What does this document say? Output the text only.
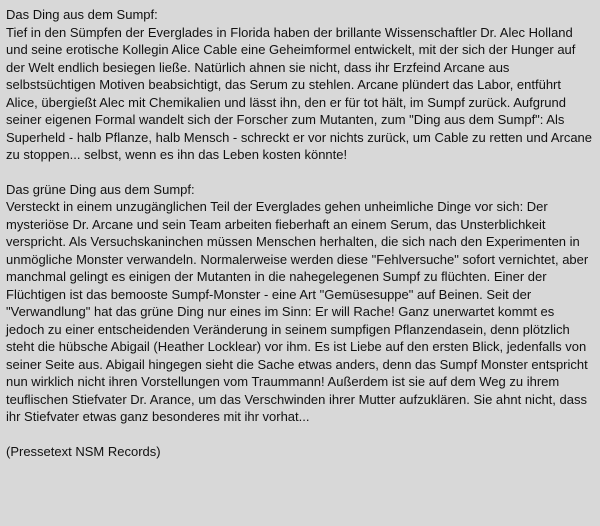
Das Ding aus dem Sumpf:

Tief in den Sümpfen der Everglades in Florida haben der brillante Wissenschaftler Dr. Alec Holland und seine erotische Kollegin Alice Cable eine Geheimformel entwickelt, mit der sich der Hunger auf der Welt endlich besiegen ließe. Natürlich ahnen sie nicht, dass ihr Erzfeind Arcane aus selbstsüchtigen Motiven beabsichtigt, das Serum zu stehlen. Arcane plündert das Labor, entführt Alice, übergießt Alec mit Chemikalien und lässt ihn, den er für tot hält, im Sumpf zurück. Aufgrund seiner eigenen Formal wandelt sich der Forscher zum Mutanten, zum "Ding aus dem Sumpf": Als Superheld - halb Pflanze, halb Mensch - schreckt er vor nichts zurück, um Cable zu retten und Arcane zu stoppen... selbst, wenn es ihn das Leben kosten könnte!

Das grüne Ding aus dem Sumpf:

Versteckt in einem unzugänglichen Teil der Everglades gehen unheimliche Dinge vor sich: Der mysteriöse Dr. Arcane und sein Team arbeiten fieberhaft an einem Serum, das Unsterblichkeit verspricht. Als Versuchskaninchen müssen Menschen herhalten, die sich nach den Experimenten in unmögliche Monster verwandeln. Normalerweise werden diese "Fehlversuche" sofort vernichtet, aber manchmal gelingt es einigen der Mutanten in die nahegelegenen Sumpf zu flüchten. Einer der Flüchtigen ist das bemooste Sumpf-Monster - eine Art "Gemüsesuppe" auf Beinen. Seit der "Verwandlung" hat das grüne Ding nur eines im Sinn: Er will Rache! Ganz unerwartet kommt es jedoch zu einer entscheidenden Veränderung in seinem sumpfigen Pflanzendasein, denn plötzlich steht die hübsche Abigail (Heather Locklear) vor ihm. Es ist Liebe auf den ersten Blick, jedenfalls von seiner Seite aus. Abigail hingegen sieht die Sache etwas anders, denn das Sumpf Monster entspricht nun wirklich nicht ihren Vorstellungen vom Traummann! Außerdem ist sie auf dem Weg zu ihrem teuflischen Stiefvater Dr. Arance, um das Verschwinden ihrer Mutter aufzuklären. Sie ahnt nicht, dass ihr Stiefvater etwas ganz besonderes mit ihr vorhat...

(Pressetext NSM Records)
